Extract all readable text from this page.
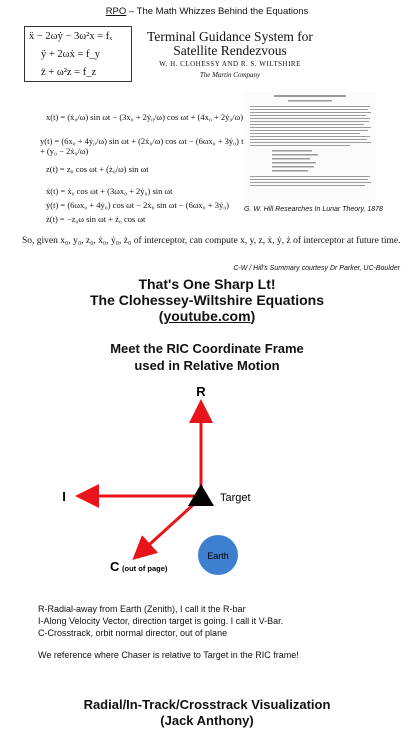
RPO – The Math Whizzes Behind the Equations
ẍ − 2ωẏ − 3ω²x = fₓ
ÿ + 2ωẋ = f_y
z̈ + ω²z = f_z
Terminal Guidance System for
Satellite Rendezvous
W. H. CLOHESSY AND R. S. WILTSHIRE
The Martin Company
x(t) = (ẋ₀/ω) sin ωt − (3x₀ + 2ẏ₀/ω) cos ωt + (4x₀ + 2ẏ₀/ω)
y(t) = (6x₀ + 4ẏ₀/ω) sin ωt + (2ẋ₀/ω) cos ωt − (6ωx₀ + 3ẏ₀) t + (y₀ − 2ẋ₀/ω)
z(t) = z₀ cos ωt + (ż₀/ω) sin ωt
ẋ(t) = ẋ₀ cos ωt + (3ωx₀ + 2ẏ₀) sin ωt
ẏ(t) = (6ωx₀ + 4ẏ₀) cos ωt − 2ẋ₀ sin ωt − (6ωx₀ + 3ẏ₀)
ż(t) = −z₀ω sin ωt + ż₀ cos ωt
G. W. Hill Researches In Lunar Theory, 1878
So, given x₀, y₀, z₀, ẋ₀, ẏ₀, ż₀ of interceptor, can compute x, y, z, ẋ, ẏ, ż of interceptor at future time.
C-W / Hill's Summary courtesy Dr Parker, UC-Boulder
That's One Sharp Lt!
The Clohessey-Wiltshire Equations
(youtube.com)
Meet the RIC Coordinate Frame
used in Relative Motion
R
I	Target
Earth
C (out of page)
R-Radial-away from Earth (Zenith), I call it the R-bar
I-Along Velocity Vector, direction target is going. I call it V-Bar.
C-Crosstrack, orbit normal director, out of plane
We reference where Chaser is relative to Target in the RIC frame!
Radial/In-Track/Crosstrack Visualization
(Jack Anthony)
